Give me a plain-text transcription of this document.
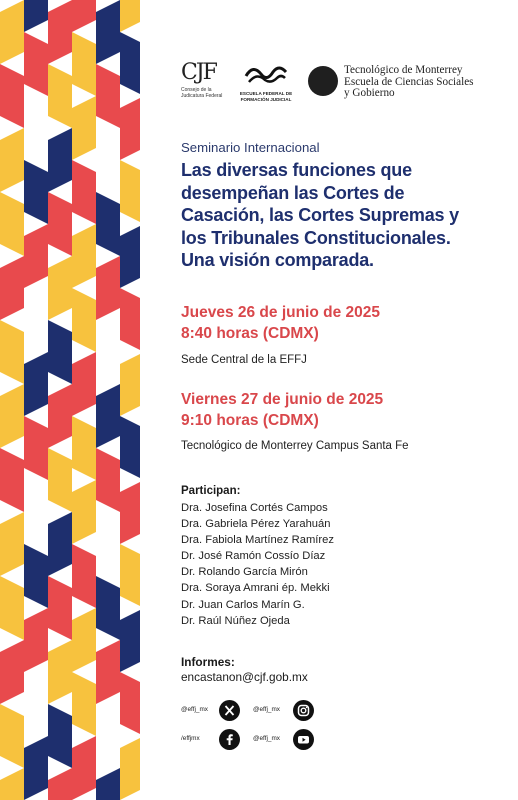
CJF
Consejo de la Judicatura Federal	ESCUELA FEDERAL DE
FORMACIÓN JUDICIAL
Tecnológico de Monterrey
Escuela de Ciencias Sociales
y Gobierno
Seminario Internacional
Las diversas funciones que
desempeñan las Cortes de
Casación, las Cortes Supremas y
los Tribunales Constitucionales.
Una visión comparada.
Jueves 26 de junio de 2025
8:40 horas (CDMX)
Sede Central de la EFFJ
Viernes 27 de junio de 2025
9:10 horas (CDMX)
Tecnológico de Monterrey Campus Santa Fe
Participan:
Dra. Josefina Cortés Campos
Dra. Gabriela Pérez Yarahuán
Dra. Fabiola Martínez Ramírez
Dr. José Ramón Cossío Díaz
Dr. Rolando García Mirón
Dra. Soraya Amrani ép. Mekki
Dr. Juan Carlos Marín G.
Dr. Raúl Núñez Ojeda
Informes:
encastanon@cjf.gob.mx
@effj_mx	@effj_mx
/effjmx	@effj_mx
